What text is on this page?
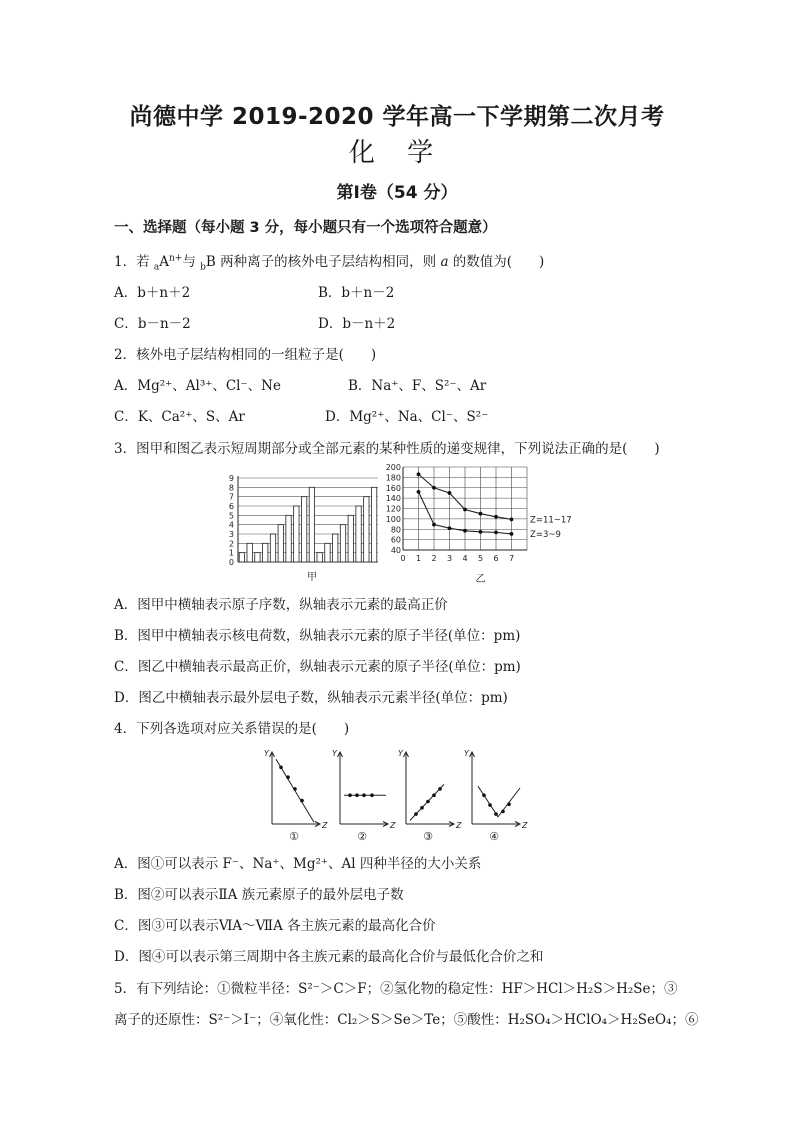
尚德中学 2019-2020 学年高一下学期第二次月考
化 学
第Ⅰ卷（54 分）
一、选择题（每小题 3 分，每小题只有一个选项符合题意）
1．若 $_aA^{n+}$与 $_b$B 两种离子的核外电子层结构相同，则 a 的数值为(　　)
A．b＋n＋2	B．b＋n－2
C．b－n－2	D．b－n＋2
2．核外电子层结构相同的一组粒子是(　　)
A．Mg²⁺、Al³⁺、Cl⁻、Ne	B．Na⁺、F、S²⁻、Ar
C．K、Ca²⁺、S、Ar	D．Mg²⁺、Na、Cl⁻、S²⁻
3．图甲和图乙表示短周期部分或全部元素的某种性质的递变规律，下列说法正确的是(　　)
0
1
2
3
4
5
6
7
8
9
甲
40
60
80
100
120
140
160
180
200
0 1 2 3 4 5 6 7
Z=11~17
Z=3~9
乙
A．图甲中横轴表示原子序数，纵轴表示元素的最高正价
B．图甲中横轴表示核电荷数，纵轴表示元素的原子半径(单位：pm)
C．图乙中横轴表示最高正价，纵轴表示元素的原子半径(单位：pm)
D．图乙中横轴表示最外层电子数，纵轴表示元素半径(单位：pm)
4．下列各选项对应关系错误的是(　　)
Y
Z
①
Y
Z
②
Y
Z
③
Y
Z
④
A．图①可以表示 F⁻、Na⁺、Mg²⁺、Al 四种半径的大小关系
B．图②可以表示ⅡA 族元素原子的最外层电子数
C．图③可以表示ⅥA～ⅦA 各主族元素的最高化合价
D．图④可以表示第三周期中各主族元素的最高化合价与最低化合价之和
5．有下列结论：①微粒半径：S²⁻＞C＞F；②氢化物的稳定性：HF＞HCl＞H₂S＞H₂Se；③
离子的还原性：S²⁻＞I⁻；④氧化性：Cl₂＞S＞Se＞Te；⑤酸性：H₂SO₄＞HClO₄＞H₂SeO₄；⑥
